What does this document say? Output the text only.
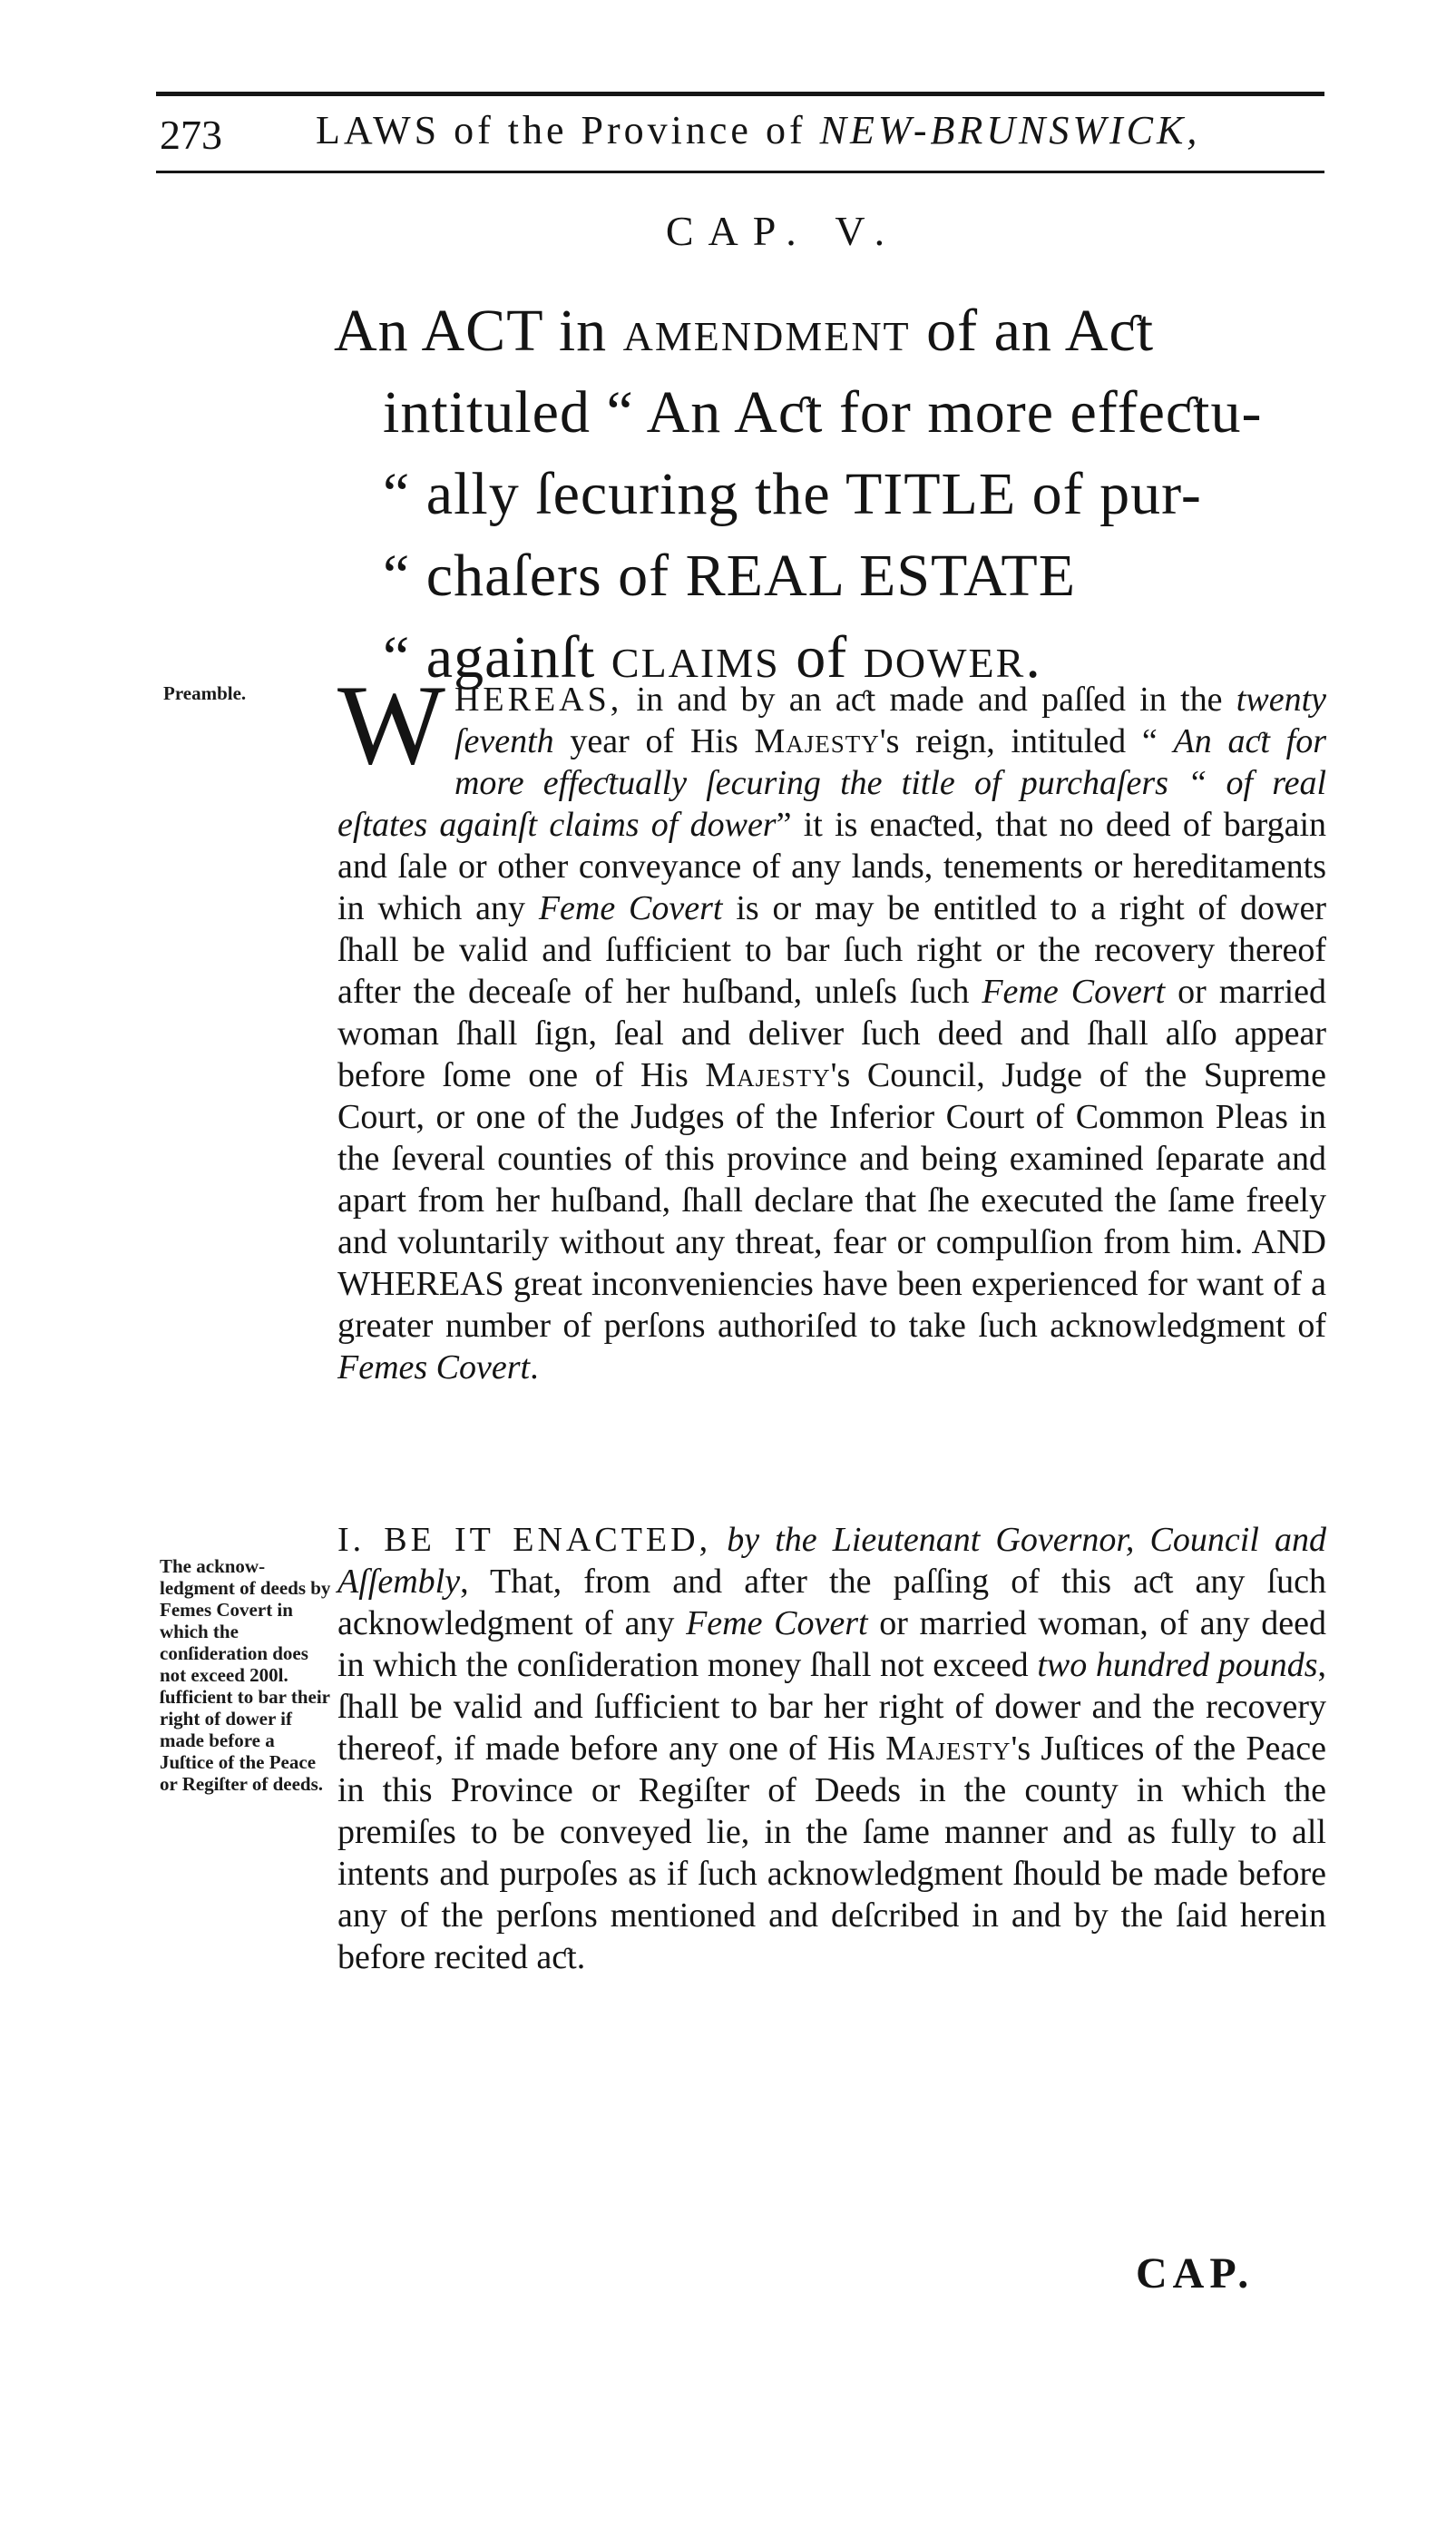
273 LAWS of the Province of NEW-BRUNSWICK,
CAP. V.
An ACT in amendment of an Aƈt
intituled “ An Aƈt for more effeƈtu-
“ ally ſecuring the TITLE of pur-
“ chaſers of REAL ESTATE
“ againſt claims of dower.
Preamble. WHEREAS, in and by an aƈt made and paſſed in the twenty ſeventh year of His Majesty's reign, intituled “ An aƈt for more effeƈtually ſecuring the title of purchaſers “ of real eſtates againſt claims of dower” it is enaƈted, that no deed of bargain and ſale or other conveyance of any lands, tenements or hereditaments in which any Feme Covert is or may be entitled to a right of dower ſhall be valid and ſufficient to bar ſuch right or the recovery thereof after the deceaſe of her huſband, unleſs ſuch Feme Covert or married woman ſhall ſign, ſeal and deliver ſuch deed and ſhall alſo appear before ſome one of His Majesty's Council, Judge of the Supreme Court, or one of the Judges of the Inferior Court of Common Pleas in the ſeveral counties of this province and being examined ſeparate and apart from her huſband, ſhall declare that ſhe executed the ſame freely and voluntarily without any threat, fear or compulſion from him. AND WHEREAS great inconveniencies have been experienced for want of a greater number of perſons authoriſed to take ſuch acknowledgment of Femes Covert.
The acknow-ledgment of deeds by Femes Covert in which the conſideration does not exceed 200l. ſufficient to bar their right of dower if made before a Juſtice of the Peace or Regiſter of deeds.
I. BE IT ENACTED, by the Lieutenant Governor, Council and Aſſembly, That, from and after the paſſing of this aƈt any ſuch acknowledgment of any Feme Covert or married woman, of any deed in which the conſideration money ſhall not exceed two hundred pounds, ſhall be valid and ſufficient to bar her right of dower and the recovery thereof, if made before any one of His Majesty's Juſtices of the Peace in this Province or Regiſter of Deeds in the county in which the premiſes to be conveyed lie, in the ſame manner and as fully to all intents and purpoſes as if ſuch acknowledgment ſhould be made before any of the perſons mentioned and deſcribed in and by the ſaid herein before recited aƈt.
CAP.
